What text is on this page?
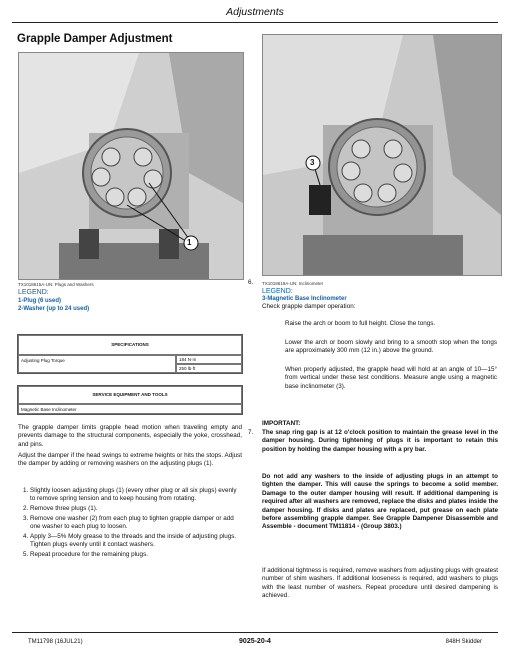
Adjustments
Grapple Damper Adjustment
1
TX1018615A-UN: Plugs and Washers
LEGEND:
1-Plug (6 used)
2-Washer (up to 24 used)
SPECIFICATIONS
Adjusting Plug Torque	184 N·m
250 lb·ft
SERVICE EQUIPMENT AND TOOLS
Magnetic Base Inclinometer
The grapple damper limits grapple head motion when traveling empty and prevents damage to the structural components, especially the yoke, crosshead, and pins.
Adjust the damper if the head swings to extreme heights or hits the stops. Adjust the damper by adding or removing washers on the adjusting plugs (1).
1. Slightly loosen adjusting plugs (1) (every other plug or all six plugs) evenly to remove spring tension and to keep housing from rotating.
2. Remove three plugs (1).
3. Remove one washer (2) from each plug to tighten grapple damper or add one washer to each plug to loosen.
4. Apply 3—5% Moly grease to the threads and the inside of adjusting plugs. Tighten plugs evenly until it contact washers.
5. Repeat procedure for the remaining plugs.
3
6. TX1018619A-UN: Inclinometer
LEGEND:
3-Magnetic Base Inclinometer
Check grapple damper operation:
Raise the arch or boom to full height. Close the tongs.
Lower the arch or boom slowly and bring to a smooth stop when the tongs are approximately 300 mm (12 in.) above the ground.
When properly adjusted, the grapple head will hold at an angle of 10—15° from vertical under these test conditions. Measure angle using a magnetic base inclinometer (3).
7.
IMPORTANT:
The snap ring gap is at 12 o'clock position to maintain the grease level in the damper housing. During tightening of plugs it is important to retain this position by holding the damper housing with a pry bar.
Do not add any washers to the inside of adjusting plugs in an attempt to tighten the damper. This will cause the springs to become a solid member. Damage to the outer damper housing will result. If additional dampening is required after all washers are removed, replace the disks and plates inside the damper housing. If disks and plates are replaced, put grease on each plate before assembling grapple damper. See Grapple Dampener Disassemble and Assemble - document TM11814 - (Group 3803.)
If additional tightness is required, remove washers from adjusting plugs with greatest number of shim washers. If additional looseness is required, add washers to plugs with the least number of washers. Repeat procedure until desired dampening is achieved.
TM11798 (16JUL21)	9025-20-4	848H Skidder
